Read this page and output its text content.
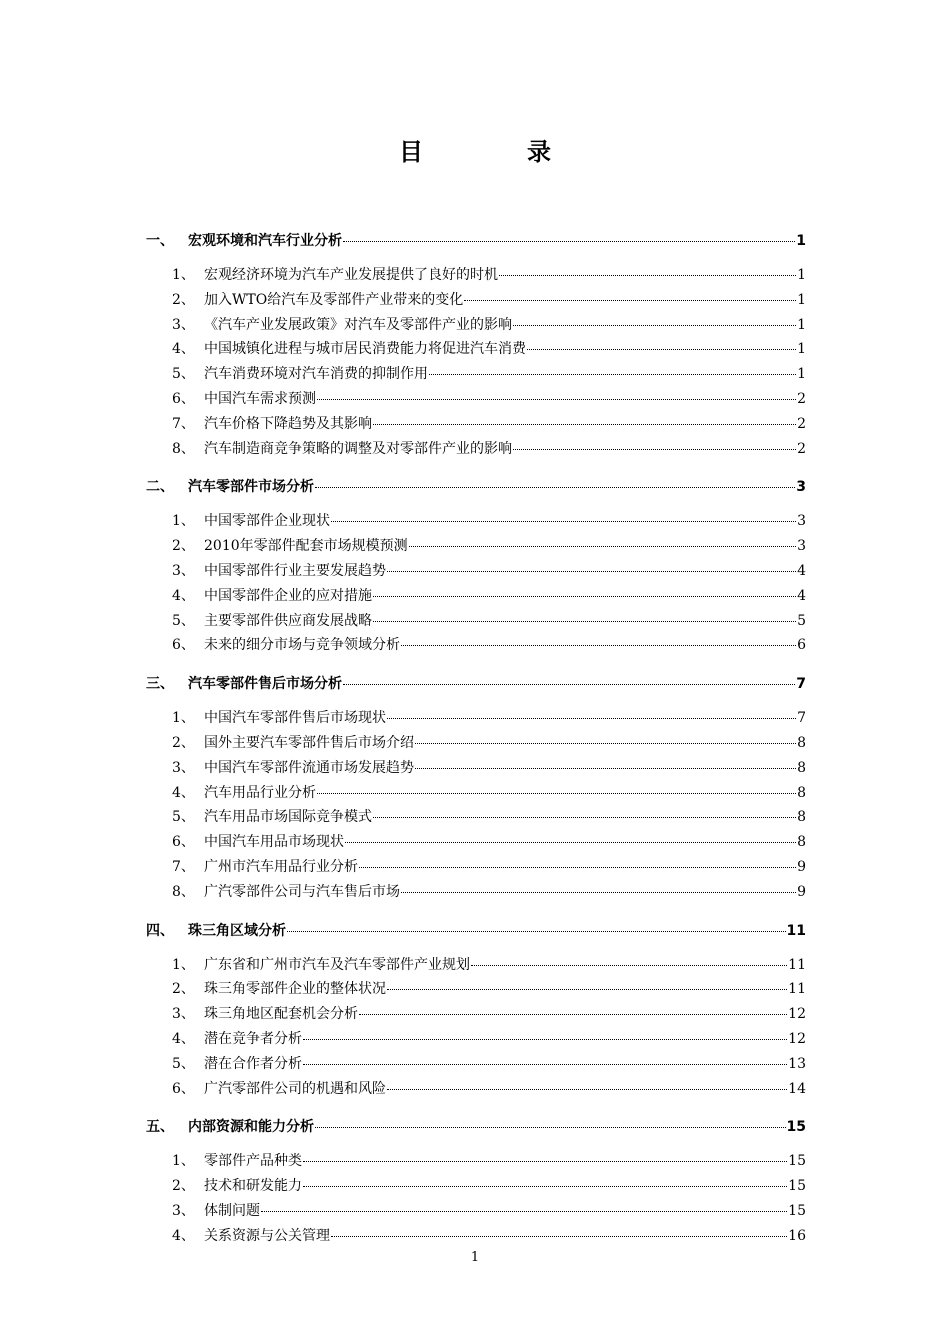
目　录
一、	宏观环境和汽车行业分析	1
1、 宏观经济环境为汽车产业发展提供了良好的时机	1
2、 加入WTO给汽车及零部件产业带来的变化	1
3、 《汽车产业发展政策》对汽车及零部件产业的影响	1
4、 中国城镇化进程与城市居民消费能力将促进汽车消费	1
5、 汽车消费环境对汽车消费的抑制作用	1
6、 中国汽车需求预测	2
7、 汽车价格下降趋势及其影响	2
8、 汽车制造商竞争策略的调整及对零部件产业的影响	2
二、	汽车零部件市场分析	3
1、 中国零部件企业现状	3
2、 2010年零部件配套市场规模预测	3
3、 中国零部件行业主要发展趋势	4
4、 中国零部件企业的应对措施	4
5、 主要零部件供应商发展战略	5
6、 未来的细分市场与竞争领域分析	6
三、	汽车零部件售后市场分析	7
1、 中国汽车零部件售后市场现状	7
2、 国外主要汽车零部件售后市场介绍	8
3、 中国汽车零部件流通市场发展趋势	8
4、 汽车用品行业分析	8
5、 汽车用品市场国际竞争模式	8
6、 中国汽车用品市场现状	8
7、 广州市汽车用品行业分析	9
8、 广汽零部件公司与汽车售后市场	9
四、	珠三角区域分析	11
1、 广东省和广州市汽车及汽车零部件产业规划	11
2、 珠三角零部件企业的整体状况	11
3、 珠三角地区配套机会分析	12
4、 潜在竞争者分析	12
5、 潜在合作者分析	13
6、 广汽零部件公司的机遇和风险	14
五、	内部资源和能力分析	15
1、 零部件产品种类	15
2、 技术和研发能力	15
3、 体制问题	15
4、 关系资源与公关管理	16
1
